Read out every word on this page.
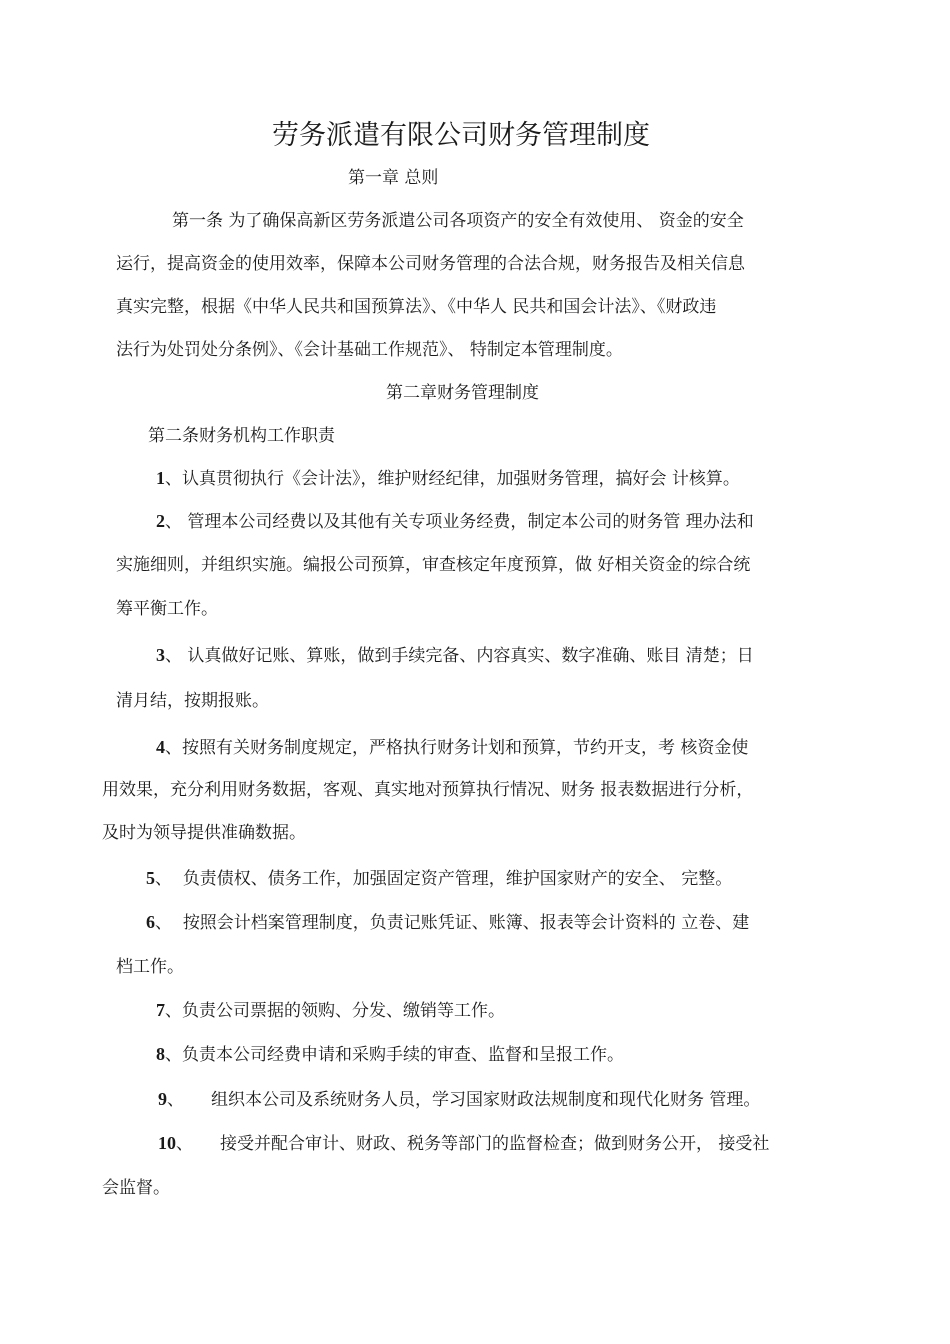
劳务派遣有限公司财务管理制度
第一章 总则
第一条 为了确保高新区劳务派遣公司各项资产的安全有效使用、 资金的安全
运行，提高资金的使用效率，保障本公司财务管理的合法合规，财务报告及相关信息
真实完整，根据《中华人民共和国预算法》、《中华人 民共和国会计法》、《财政违
法行为处罚处分条例》、《会计基础工作规范》、 特制定本管理制度。
第二章财务管理制度
第二条财务机构工作职责
1、认真贯彻执行《会计法》，维护财经纪律，加强财务管理，搞好会 计核算。
2、 管理本公司经费以及其他有关专项业务经费，制定本公司的财务管 理办法和
实施细则，并组织实施。编报公司预算，审查核定年度预算，做 好相关资金的综合统
筹平衡工作。
3、 认真做好记账、算账，做到手续完备、内容真实、数字准确、账目 清楚；日
清月结，按期报账。
4、按照有关财务制度规定，严格执行财务计划和预算，节约开支，考 核资金使
用效果，充分利用财务数据，客观、真实地对预算执行情况、财务 报表数据进行分析，
及时为领导提供准确数据。
5、 负责债权、债务工作，加强固定资产管理，维护国家财产的安全、 完整。
6、 按照会计档案管理制度，负责记账凭证、账簿、报表等会计资料的 立卷、建
档工作。
7、负责公司票据的领购、分发、缴销等工作。
8、负责本公司经费申请和采购手续的审查、监督和呈报工作。
9、 组织本公司及系统财务人员，学习国家财政法规制度和现代化财务 管理。
10、 接受并配合审计、财政、税务等部门的监督检查；做到财务公开， 接受社
会监督。
